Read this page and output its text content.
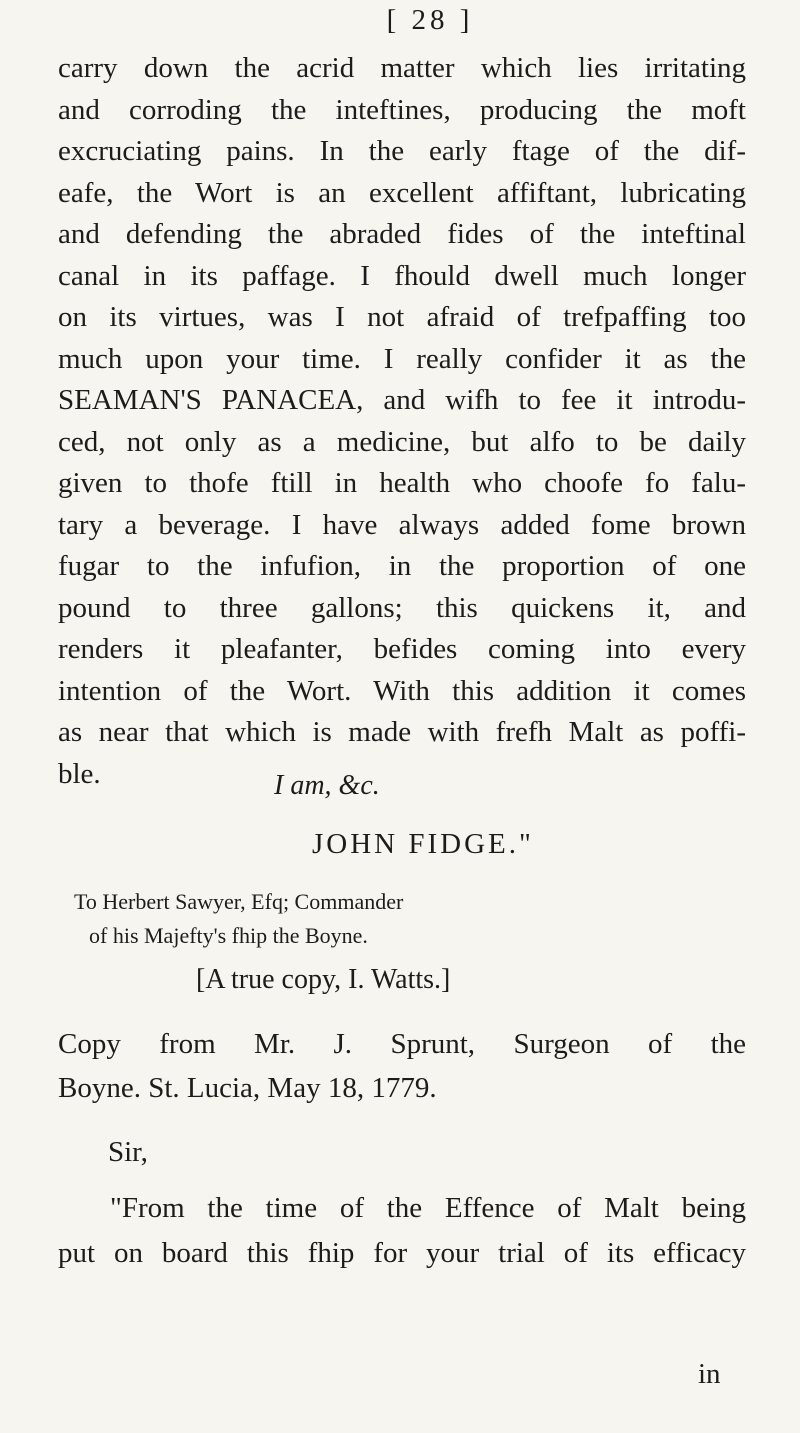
[ 28 ]
carry down the acrid matter which lies irritating
and corroding the inteftines, producing the moft
excruciating pains. In the early ftage of the dif-
eafe, the Wort is an excellent affiftant, lubricating
and defending the abraded fides of the inteftinal
canal in its paffage. I fhould dwell much longer
on its virtues, was I not afraid of trefpaffing too
much upon your time. I really confider it as the
SEAMAN'S PANACEA, and wifh to fee it introdu-
ced, not only as a medicine, but alfo to be daily
given to thofe ftill in health who choofe fo falu-
tary a beverage. I have always added fome brown
fugar to the infufion, in the proportion of one
pound to three gallons; this quickens it, and
renders it pleafanter, befides coming into every
intention of the Wort. With this addition it comes
as near that which is made with frefh Malt as poffi-
ble.	I am, &c.
JOHN FIDGE."
To Herbert Sawyer, Efq; Commander
of his Majefty's fhip the Boyne.
[A true copy, I. Watts.]
Copy from Mr. J. Sprunt, Surgeon of the
Boyne. St. Lucia, May 18, 1779.
Sir,
"From the time of the Effence of Malt being
put on board this fhip for your trial of its efficacy
in
